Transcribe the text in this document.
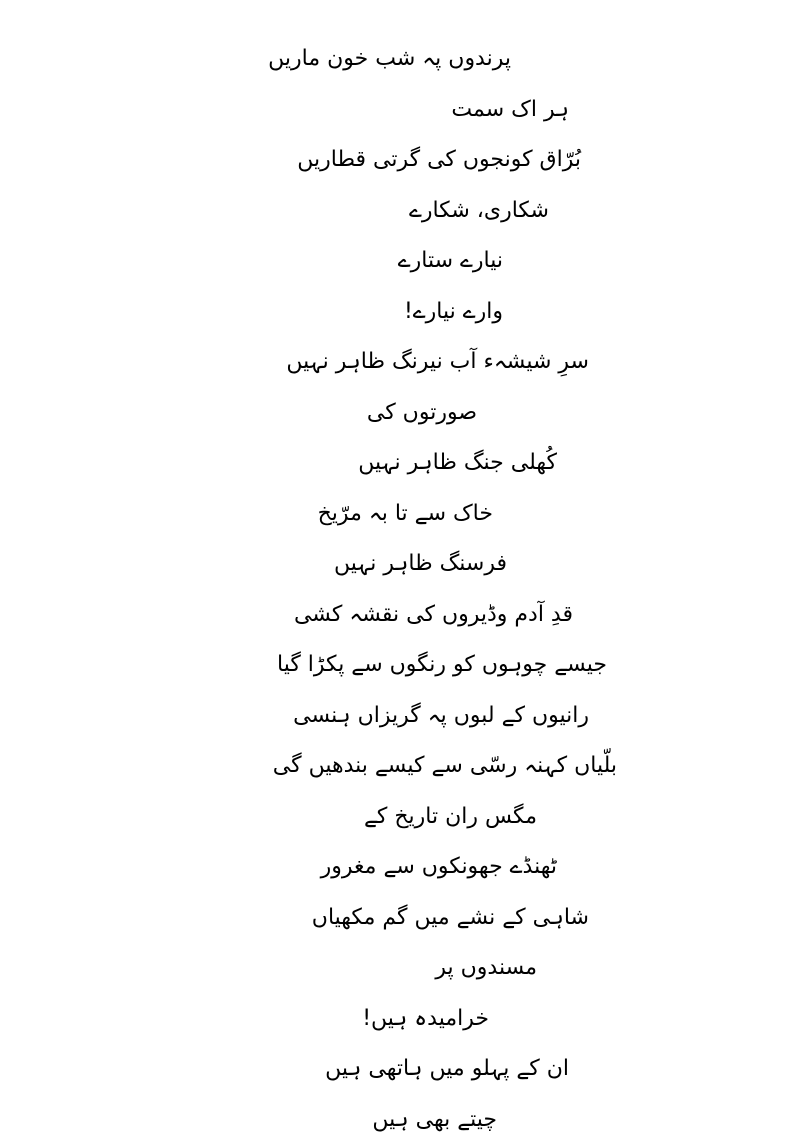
پرندوں پہ شب خون ماریں
ہر اک سمت
بُرّاق کونجوں کی گرتی قطاریں
شکاری، شکارے
نیارے ستارے
وارے نیارے!
سرِ شیشہء آب نیرنگ ظاہر نہیں
صورتوں کی
کُھلی جنگ ظاہر نہیں
خاک سے تا بہ مرّیخ
فرسنگ ظاہر نہیں
قدِ آدم وڈیروں کی نقشہ کشی
جیسے چوہوں کو رنگوں سے پکڑا گیا
رانیوں کے لبوں پہ گریزاں ہنسی
بلّیاں کہنہ رسّی سے کیسے بندھیں گی
مگس ران تاریخ کے
ٹھنڈے جھونکوں سے مغرور
شاہی کے نشے میں گم مکھیاں
مسندوں پر
خراميدہ ہیں!
ان کے پہلو میں ہاتھی ہیں
چیتے بھی ہیں
